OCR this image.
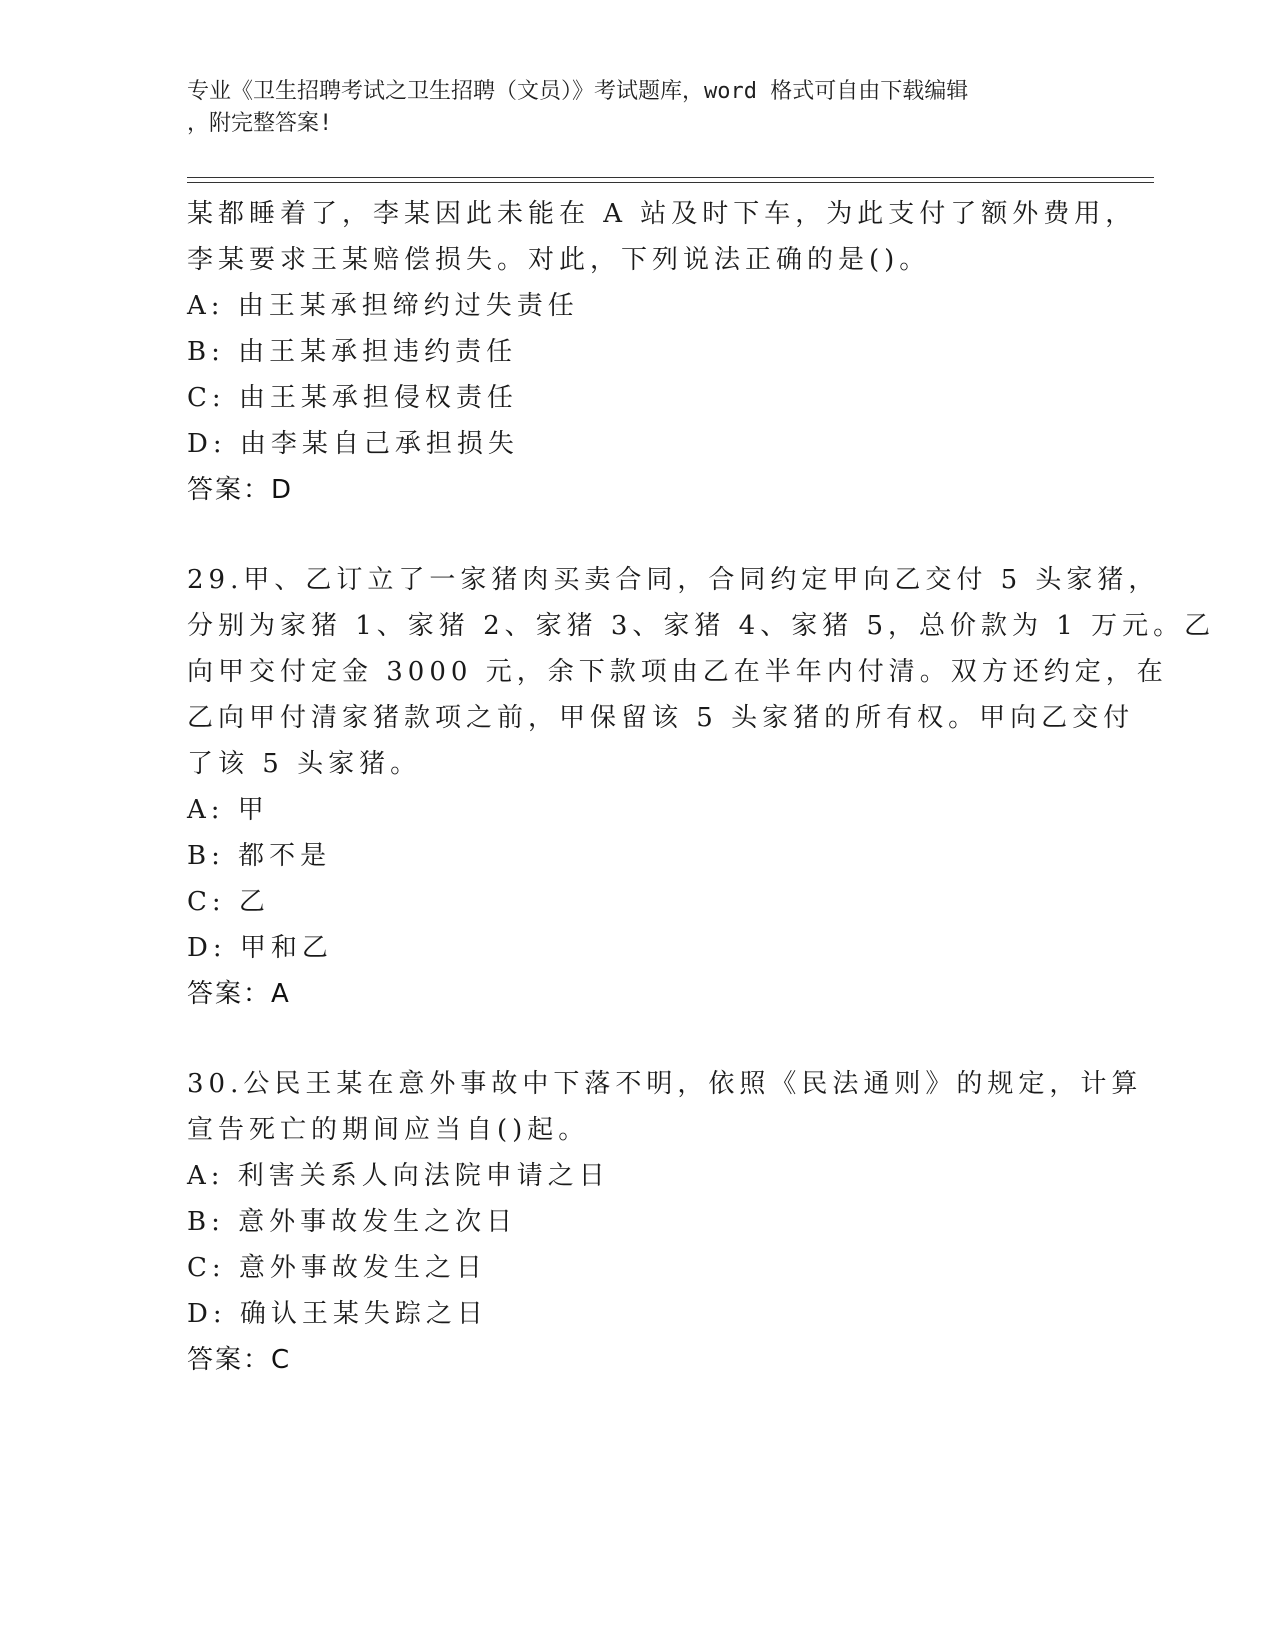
专业《卫生招聘考试之卫生招聘（文员）》考试题库，word 格式可自由下载编辑
，附完整答案!
某都睡着了，李某因此未能在 A 站及时下车，为此支付了额外费用，
李某要求王某赔偿损失。对此，下列说法正确的是()。
A: 由王某承担缔约过失责任
B: 由王某承担违约责任
C: 由王某承担侵权责任
D: 由李某自己承担损失
答案：D
29.甲、乙订立了一家猪肉买卖合同，合同约定甲向乙交付 5 头家猪，
分别为家猪 1、家猪 2、家猪 3、家猪 4、家猪 5，总价款为 1 万元。乙
向甲交付定金 3000 元，余下款项由乙在半年内付清。双方还约定，在
乙向甲付清家猪款项之前，甲保留该 5 头家猪的所有权。甲向乙交付
了该 5 头家猪。
A: 甲
B: 都不是
C: 乙
D: 甲和乙
答案：A
30.公民王某在意外事故中下落不明，依照《民法通则》的规定，计算
宣告死亡的期间应当自()起。
A: 利害关系人向法院申请之日
B: 意外事故发生之次日
C: 意外事故发生之日
D: 确认王某失踪之日
答案：C
